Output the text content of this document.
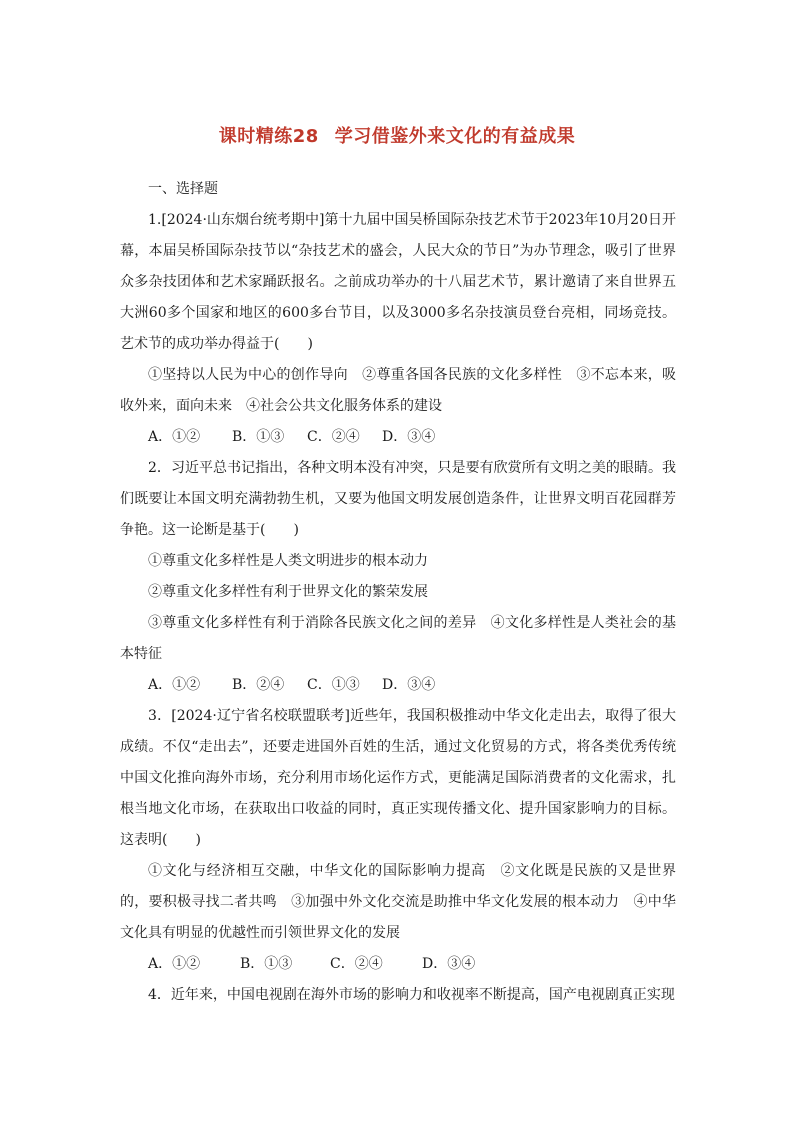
课时精练28 学习借鉴外来文化的有益成果
一、选择题

1.[2024·山东烟台统考期中]第十九届中国吴桥国际杂技艺术节于2023年10月20日开幕，本届吴桥国际杂技节以“杂技艺术的盛会，人民大众的节日”为办节理念，吸引了世界众多杂技团体和艺术家踊跃报名。之前成功举办的十八届艺术节，累计邀请了来自世界五大洲60多个国家和地区的600多台节目，以及3000多名杂技演员登台亮相，同场竞技。艺术节的成功举办得益于(　　)

①坚持以人民为中心的创作导向　②尊重各国各民族的文化多样性　③不忘本来，吸收外来，面向未来　④社会公共文化服务体系的建设

A．①② B．①③ C．②④ D．③④

2．习近平总书记指出，各种文明本没有冲突，只是要有欣赏所有文明之美的眼睛。我们既要让本国文明充满勃勃生机，又要为他国文明发展创造条件，让世界文明百花园群芳争艳。这一论断是基于(　　)

①尊重文化多样性是人类文明进步的根本动力

②尊重文化多样性有利于世界文化的繁荣发展

③尊重文化多样性有利于消除各民族文化之间的差异　④文化多样性是人类社会的基本特征

A．①② B．②④ C．①③ D．③④

3．[2024·辽宁省名校联盟联考]近些年，我国积极推动中华文化走出去，取得了很大成绩。不仅“走出去”，还要走进国外百姓的生活，通过文化贸易的方式，将各类优秀传统中国文化推向海外市场，充分利用市场化运作方式，更能满足国际消费者的文化需求，扎根当地文化市场，在获取出口收益的同时，真正实现传播文化、提升国家影响力的目标。这表明(　　)

①文化与经济相互交融，中华文化的国际影响力提高　②文化既是民族的又是世界的，要积极寻找二者共鸣　③加强中外文化交流是助推中华文化发展的根本动力　④中华文化具有明显的优越性而引领世界文化的发展

A．①②	B．①③	C．②④	D．③④

4．近年来，中国电视剧在海外市场的影响力和收视率不断提高，国产电视剧真正实现
